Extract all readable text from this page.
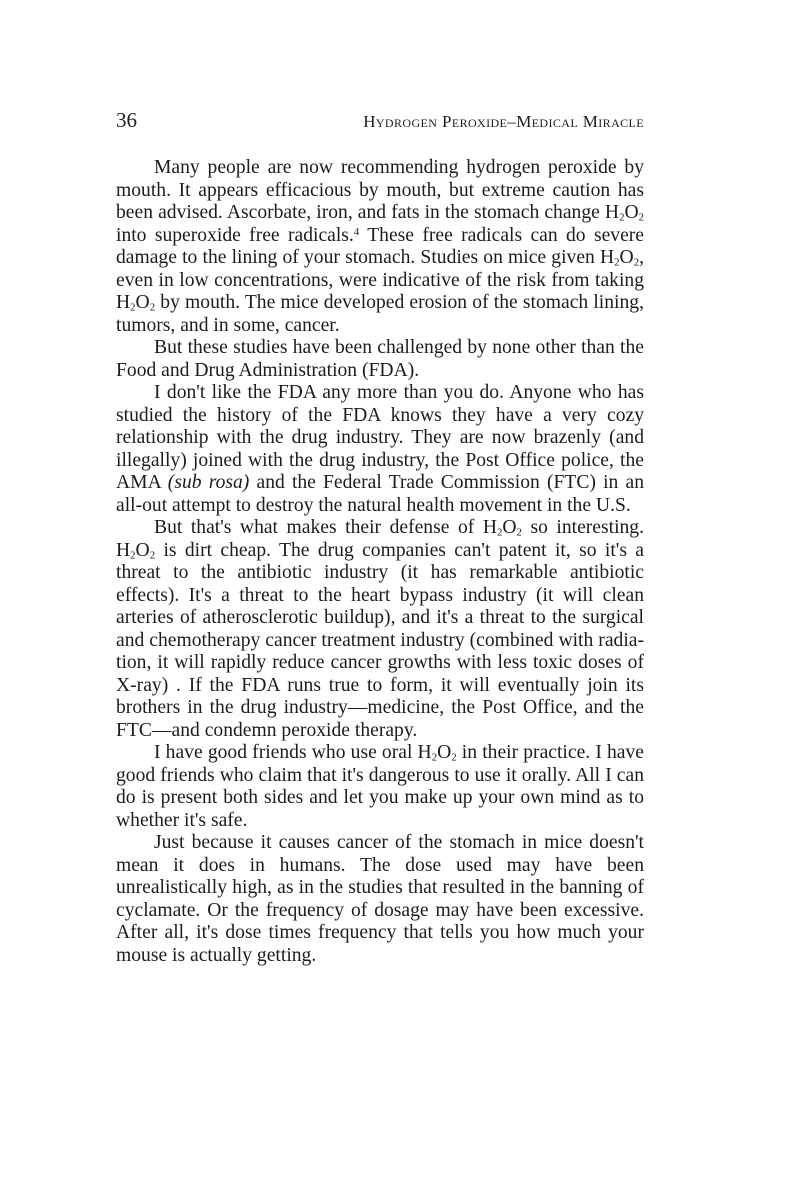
36	Hydrogen Peroxide–Medical Miracle

Many people are now recommending hydrogen peroxide by mouth. It appears efficacious by mouth, but extreme caution has been advised. Ascorbate, iron, and fats in the stomach change $H_2O_2$ into superoxide free radicals.$^4$ These free radicals can do severe damage to the lining of your stomach. Studies on mice given $H_2O_2$, even in low concentrations, were indicative of the risk from taking $H_2O_2$ by mouth. The mice developed erosion of the stomach lining, tumors, and in some, cancer.

But these studies have been challenged by none other than the Food and Drug Administration (FDA).

I don't like the FDA any more than you do. Anyone who has studied the history of the FDA knows they have a very cozy relationship with the drug industry. They are now brazenly (and illegally) joined with the drug industry, the Post Office police, the AMA (sub rosa) and the Federal Trade Commission (FTC) in an all-out attempt to destroy the natural health movement in the U.S.

But that's what makes their defense of $H_2O_2$ so interesting. $H_2O_2$ is dirt cheap. The drug companies can't patent it, so it's a threat to the antibiotic industry (it has remarkable antibiotic effects). It's a threat to the heart bypass industry (it will clean arteries of atherosclerotic buildup), and it's a threat to the surgical and chemotherapy cancer treatment industry (combined with radiation, it will rapidly reduce cancer growths with less toxic doses of X-ray) . If the FDA runs true to form, it will eventually join its brothers in the drug industry—medicine, the Post Office, and the FTC—and condemn peroxide therapy.

I have good friends who use oral $H_2O_2$ in their practice. I have good friends who claim that it's dangerous to use it orally. All I can do is present both sides and let you make up your own mind as to whether it's safe.

Just because it causes cancer of the stomach in mice doesn't mean it does in humans. The dose used may have been unrealistically high, as in the studies that resulted in the banning of cyclamate. Or the frequency of dosage may have been excessive. After all, it's dose times frequency that tells you how much your mouse is actually getting.
